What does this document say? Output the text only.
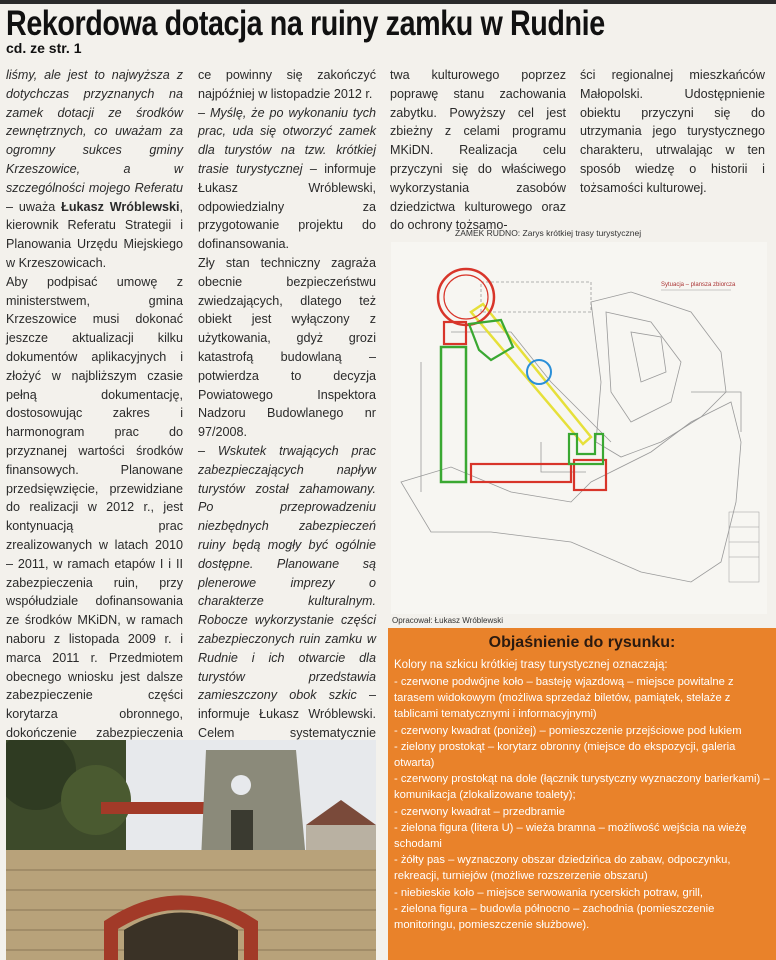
Rekordowa dotacja na ruiny zamku w Rudnie
cd. ze str. 1

liśmy, ale jest to najwyższa z dotychczas przyznanych na zamek dotacji ze środków zewnętrznych, co uważam za ogromny sukces gminy Krzeszowice, a w szczególności mojego Referatu – uważa Łukasz Wróblewski, kierownik Referatu Strategii i Planowania Urzędu Miejskiego w Krzeszowicach.

Aby podpisać umowę z ministerstwem, gmina Krzeszowice musi dokonać jeszcze aktualizacji kilku dokumentów aplikacyjnych i złożyć w najbliższym czasie pełną dokumentację, dostosowując zakres i harmonogram prac do przyznanej wartości środków finansowych. Planowane przedsięwzięcie, przewidziane do realizacji w 2012 r., jest kontynuacją prac zrealizowanych w latach 2010 – 2011, w ramach etapów I i II zabezpieczenia ruin, przy współudziale dofinansowania ze środków MKiDN, w ramach naboru z listopada 2009 r. i marca 2011 r. Przedmiotem obecnego wniosku jest dalsze zabezpieczenie części korytarza obronnego, dokończenie zabezpieczenia

ce powinny się zakończyć najpóźniej w listopadzie 2012 r.

– Myślę, że po wykonaniu tych prac, uda się otworzyć zamek dla turystów na tzw. krótkiej trasie turystycznej – informuje Łukasz Wróblewski, odpowiedzialny za przygotowanie projektu do dofinansowania.

Zły stan techniczny zagraża obecnie bezpieczeństwu zwiedzających, dlatego też obiekt jest wyłączony z użytkowania, gdyż grozi katastrofą budowlaną – potwierdza to decyzja Powiatowego Inspektora Nadzoru Budowlanego nr 97/2008.

– Wskutek trwających prac zabezpieczających napływ turystów został zahamowany. Po przeprowadzeniu niezbędnych zabezpieczeń ruiny będą mogły być ogólnie dostępne. Planowane są plenerowe imprezy o charakterze kulturalnym. Robocze wykorzystanie części zabezpieczonych ruin zamku w Rudnie i ich otwarcie dla turystów przedstawia zamieszczony obok szkic – informuje Łukasz Wróblewski. Celem systematycznie

twa kulturowego poprzez poprawę stanu zachowania zabytku. Powyższy cel jest zbieżny z celami programu MKiDN. Realizacja celu przyczyni się do właściwego wykorzystania zasobów dziedzictwa kulturowego oraz do ochrony tożsamo-

ści regionalnej mieszkańców Małopolski. Udostępnienie obiektu przyczyni się do utrzymania jego turystycznego charakteru, utrwalając w ten sposób wiedzę o historii i tożsamości kulturowej.

ZAMEK RUDNO: Zarys krótkiej trasy turystycznej
Sytuacja – plansza zbiorcza
Opracował: Łukasz Wróblewski
Objaśnienie do rysunku:
Kolory na szkicu krótkiej trasy turystycznej oznaczają:

- czerwone podwójne koło – basteję wjazdową – miejsce powitalne z tarasem widokowym (możliwa sprzedaż biletów, pamiątek, stelaże z tablicami tematycznymi i informacyjnymi)

- czerwony kwadrat (poniżej) – pomieszczenie przejściowe pod łukiem

- zielony prostokąt – korytarz obronny (miejsce do ekspozycji, galeria otwarta)

- czerwony prostokąt na dole (łącznik turystyczny wyznaczony barierkami) – komunikacja (zlokalizowane toalety);

- czerwony kwadrat – przedbramie

- zielona figura (litera U) – wieża bramna – możliwość wejścia na wieżę schodami

- żółty pas – wyznaczony obszar dziedzińca do zabaw, odpoczynku, rekreacji, turniejów (możliwe rozszerzenie obszaru)

- niebieskie koło – miejsce serwowania rycerskich potraw, grill,

- zielona figura – budowla północno – zachodnia (pomieszczenie monitoringu, pomieszczenie służbowe).
